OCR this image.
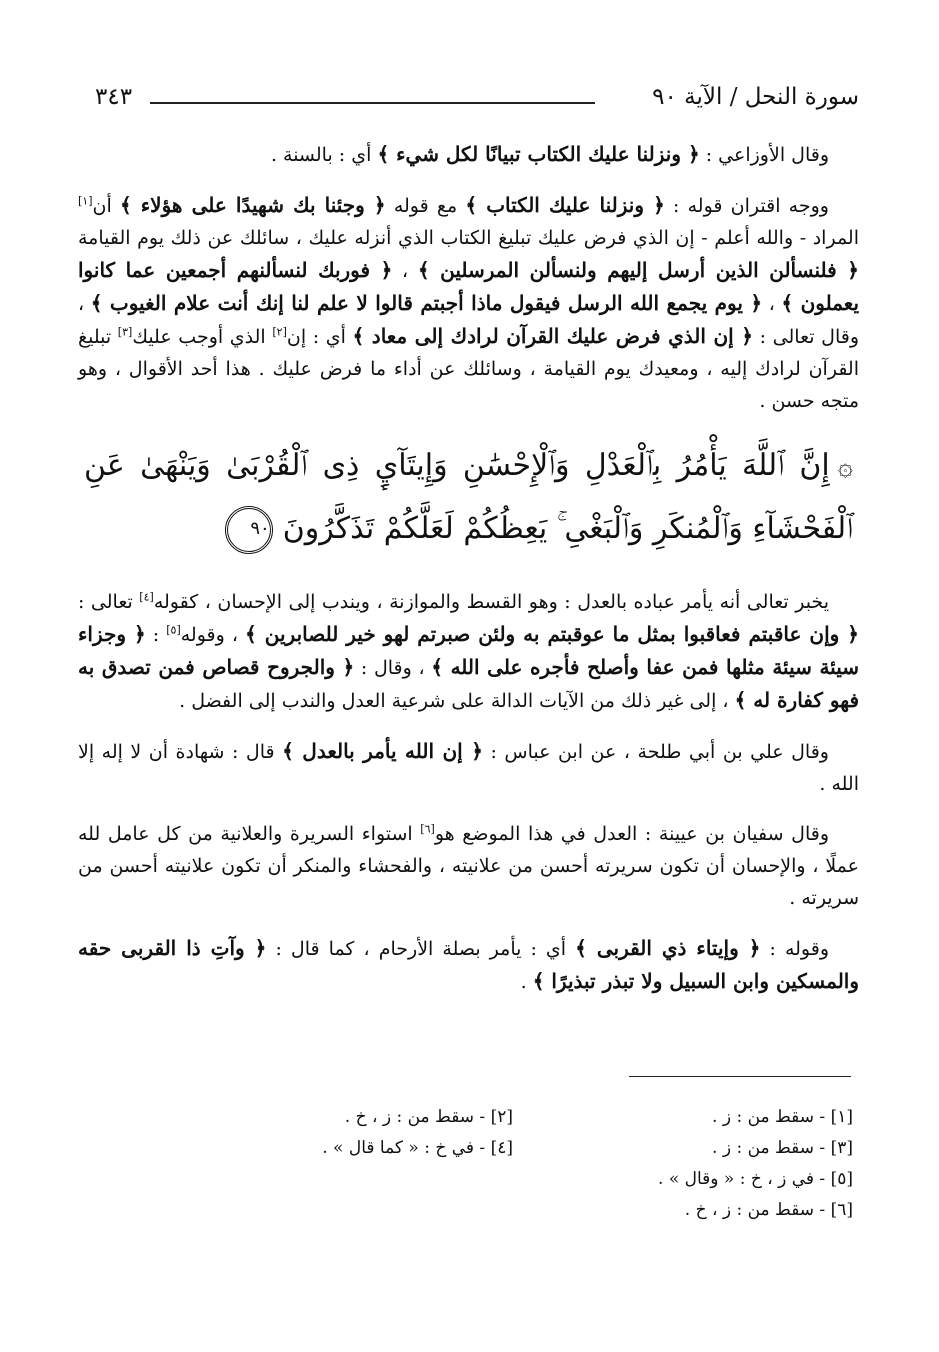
سورة النحل / الآية ٩٠
٣٤٣

وقال الأوزاعي : ﴿ ونزلنا عليك الكتاب تبيانًا لكل شيء ﴾ أي : بالسنة .

ووجه اقتران قوله : ﴿ ونزلنا عليك الكتاب ﴾ مع قوله ﴿ وجئنا بك شهيدًا على هؤلاء ﴾ أن[١] المراد - والله أعلم - إن الذي فرض عليك تبليغ الكتاب الذي أنزله عليك ، سائلك عن ذلك يوم القيامة ﴿ فلنسألن الذين أرسل إليهم ولنسألن المرسلين ﴾ ، ﴿ فوربك لنسألنهم أجمعين عما كانوا يعملون ﴾ ، ﴿ يوم يجمع الله الرسل فيقول ماذا أجبتم قالوا لا علم لنا إنك أنت علام الغيوب ﴾ ، وقال تعالى : ﴿ إن الذي فرض عليك القرآن لرادك إلى معاد ﴾ أي : إن[٢] الذي أوجب عليك[٣] تبليغ القرآن لرادك إليه ، ومعيدك يوم القيامة ، وسائلك عن أداء ما فرض عليك . هذا أحد الأقوال ، وهو متجه حسن .

۞إِنَّ ٱللَّهَ يَأْمُرُ بِٱلْعَدْلِ وَٱلْإِحْسَٰنِ وَإِيتَآيِٕ ذِى ٱلْقُرْبَىٰ وَيَنْهَىٰ عَنِ ٱلْفَحْشَآءِ وَٱلْمُنكَرِ وَٱلْبَغْىِ ۚ يَعِظُكُمْ لَعَلَّكُمْ تَذَكَّرُونَ٩٠

يخبر تعالى أنه يأمر عباده بالعدل : وهو القسط والموازنة ، ويندب إلى الإحسان ، كقوله[٤] تعالى : ﴿ وإن عاقبتم فعاقبوا بمثل ما عوقبتم به ولئن صبرتم لهو خير للصابرين ﴾ ، وقوله[٥] : ﴿ وجزاء سيئة سيئة مثلها فمن عفا وأصلح فأجره على الله ﴾ ، وقال : ﴿ والجروح قصاص فمن تصدق به فهو كفارة له ﴾ ، إلى غير ذلك من الآيات الدالة على شرعية العدل والندب إلى الفضل .

وقال علي بن أبي طلحة ، عن ابن عباس : ﴿ إن الله يأمر بالعدل ﴾ قال : شهادة أن لا إله إلا الله .

وقال سفيان بن عيينة : العدل في هذا الموضع هو[٦] استواء السريرة والعلانية من كل عامل لله عملًا ، والإحسان أن تكون سريرته أحسن من علانيته ، والفحشاء والمنكر أن تكون علانيته أحسن من سريرته .

وقوله : ﴿ وإيتاء ذي القربى ﴾ أي : يأمر بصلة الأرحام ، كما قال : ﴿ وآتِ ذا القربى حقه والمسكين وابن السبيل ولا تبذر تبذيرًا ﴾ .

[١] - سقط من : ز .
[٢] - سقط من : ز ، خ .
[٣] - سقط من : ز .
[٤] - في خ : « كما قال » .
[٥] - في ز ، خ : « وقال » .
[٦] - سقط من : ز ، خ .
